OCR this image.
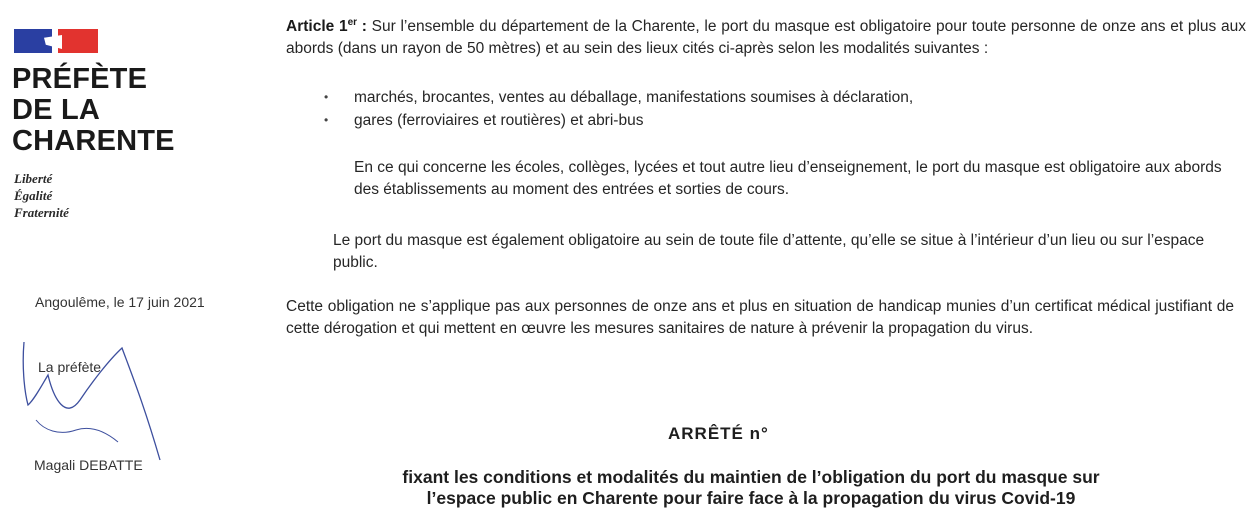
PRÉFÈTE
DE LA
CHARENTE
Liberté
Égalité
Fraternité
Angoulême, le 17 juin 2021
La préfète
Magali DEBATTE
Article 1er : Sur l’ensemble du département de la Charente, le port du masque est obligatoire pour toute personne de onze ans et plus aux abords (dans un rayon de 50 mètres) et au sein des lieux cités ci-après selon les modalités suivantes :
• marchés, brocantes, ventes au déballage, manifestations soumises à déclaration,
• gares (ferroviaires et routières) et abri-bus
En ce qui concerne les écoles, collèges, lycées et tout autre lieu d’enseignement, le port du masque est obligatoire aux abords des établissements au moment des entrées et sorties de cours.
Le port du masque est également obligatoire au sein de toute file d’attente, qu’elle se situe à l’intérieur d’un lieu ou sur l’espace public.
Cette obligation ne s’applique pas aux personnes de onze ans et plus en situation de handicap munies d’un certificat médical justifiant de cette dérogation et qui mettent en œuvre les mesures sanitaires de nature à prévenir la propagation du virus.
ARRÊTÉ n°
fixant les conditions et modalités du maintien de l’obligation du port du masque sur
l’espace public en Charente pour faire face à la propagation du virus Covid-19
